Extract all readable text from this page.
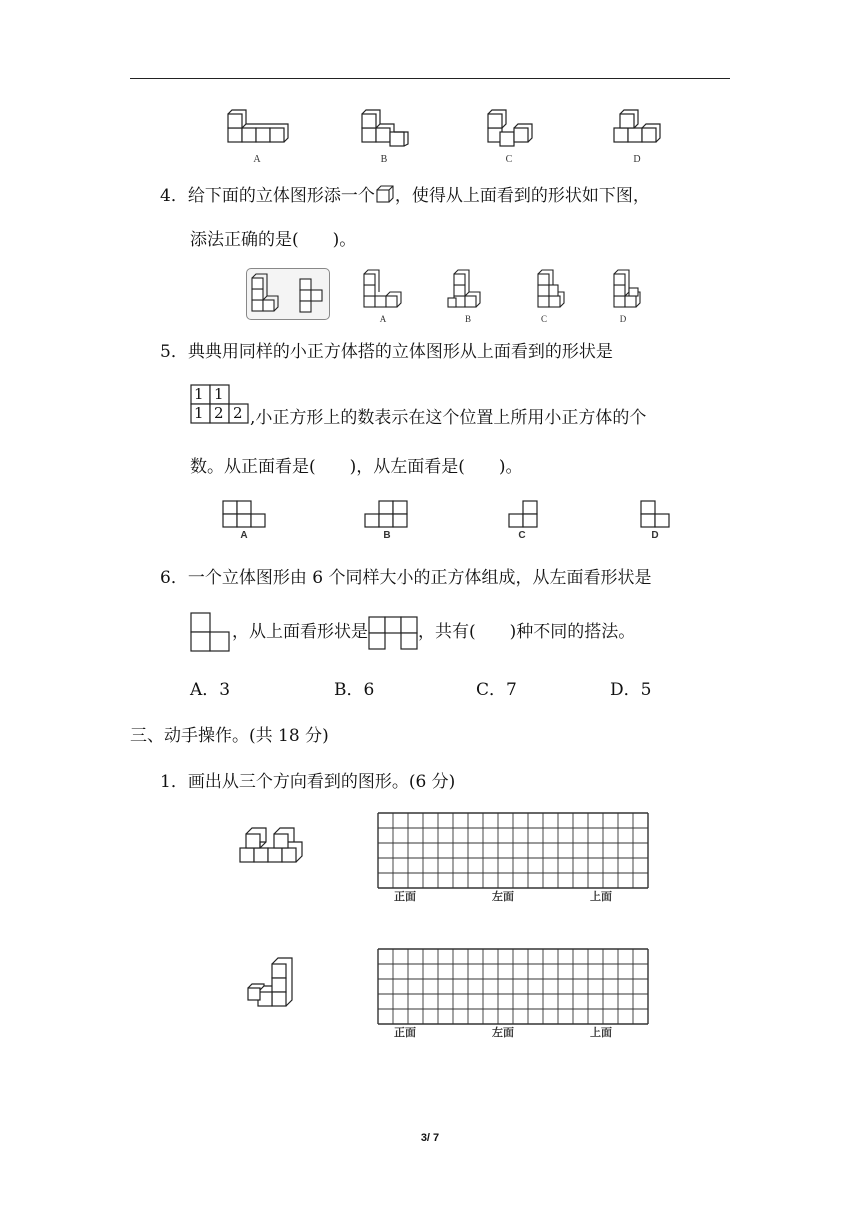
A	B	C	D
4．给下面的立体图形添一个 ，使得从上面看到的形状如下图，
添法正确的是(　　)。
A	B	C	D
5．典典用同样的小正方体搭的立体图形从上面看到的形状是
1 1
1 2 2 ,小正方形上的数表示在这个位置上所用小正方体的个
数。从正面看是(　　)，从左面看是(　　)。
A	B	C	D
6．一个立体图形由 6 个同样大小的正方体组成，从左面看形状是
，从上面看形状是	，共有(　　)种不同的搭法。
A．3	B．6	C．7	D．5
三、动手操作。(共 18 分)
1．画出从三个方向看到的图形。(6 分)
正面	左面	上面
正面	左面	上面
3/ 7
